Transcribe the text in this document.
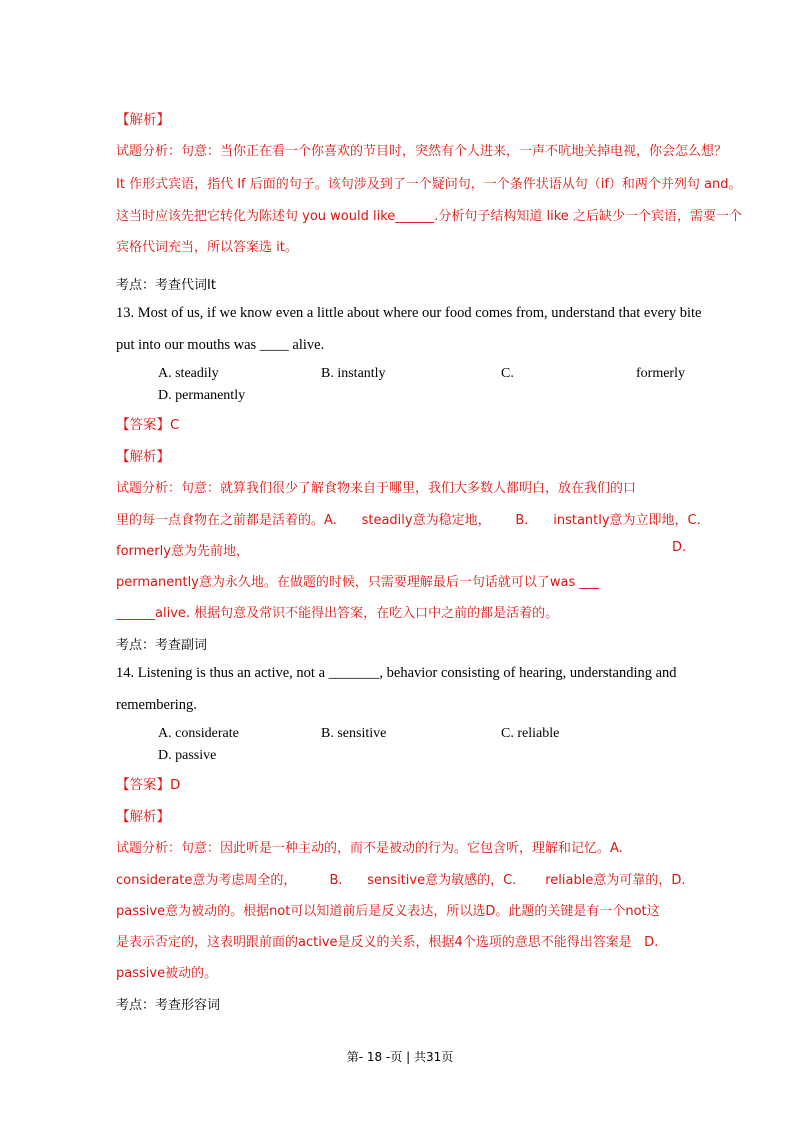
【解析】
试题分析：句意：当你正在看一个你喜欢的节目时，突然有个人进来，一声不吭地关掉电视，你会怎么想？
It 作形式宾语，指代 If 后面的句子。该句涉及到了一个疑问句，一个条件状语从句（if）和两个并列句 and。
这当时应该先把它转化为陈述句 you would like______.分析句子结构知道 like 之后缺少一个宾语，需要一个
宾格代词充当，所以答案选 it。
考点：考查代词It
13. Most of us, if we know even a little about where our food comes from, understand that every bite
put into our mouths was ____ alive.
A. steadily	B. instantly	C.	formerly
D. permanently
【答案】C
【解析】
试题分析：句意：就算我们很少了解食物来自于哪里，我们大多数人都明白，放在我们的口
里的每一点食物在之前都是活着的。A.      steadily意为稳定地，      B.      instantly意为立即地，C.
formerly意为先前地，	D.
permanently意为永久地。在做题的时候，只需要理解最后一句话就可以了was ___
______alive. 根据句意及常识不能得出答案，在吃入口中之前的都是活着的。
考点：考查副词
14. Listening is thus an active, not a _______, behavior consisting of hearing, understanding and
remembering.
A. considerate	B. sensitive	C. reliable
D. passive
【答案】D
【解析】
试题分析：句意：因此听是一种主动的，而不是被动的行为。它包含听，理解和记忆。A.
considerate意为考虑周全的，        B.      sensitive意为敏感的，C.       reliable意为可靠的，D.
passive意为被动的。根据not可以知道前后是反义表达，所以选D。此题的关键是有一个not这
是表示否定的，这表明跟前面的active是反义的关系，根据4个选项的意思不能得出答案是   D.
passive被动的。
考点：考查形容词
第- 18 -页 | 共31页
